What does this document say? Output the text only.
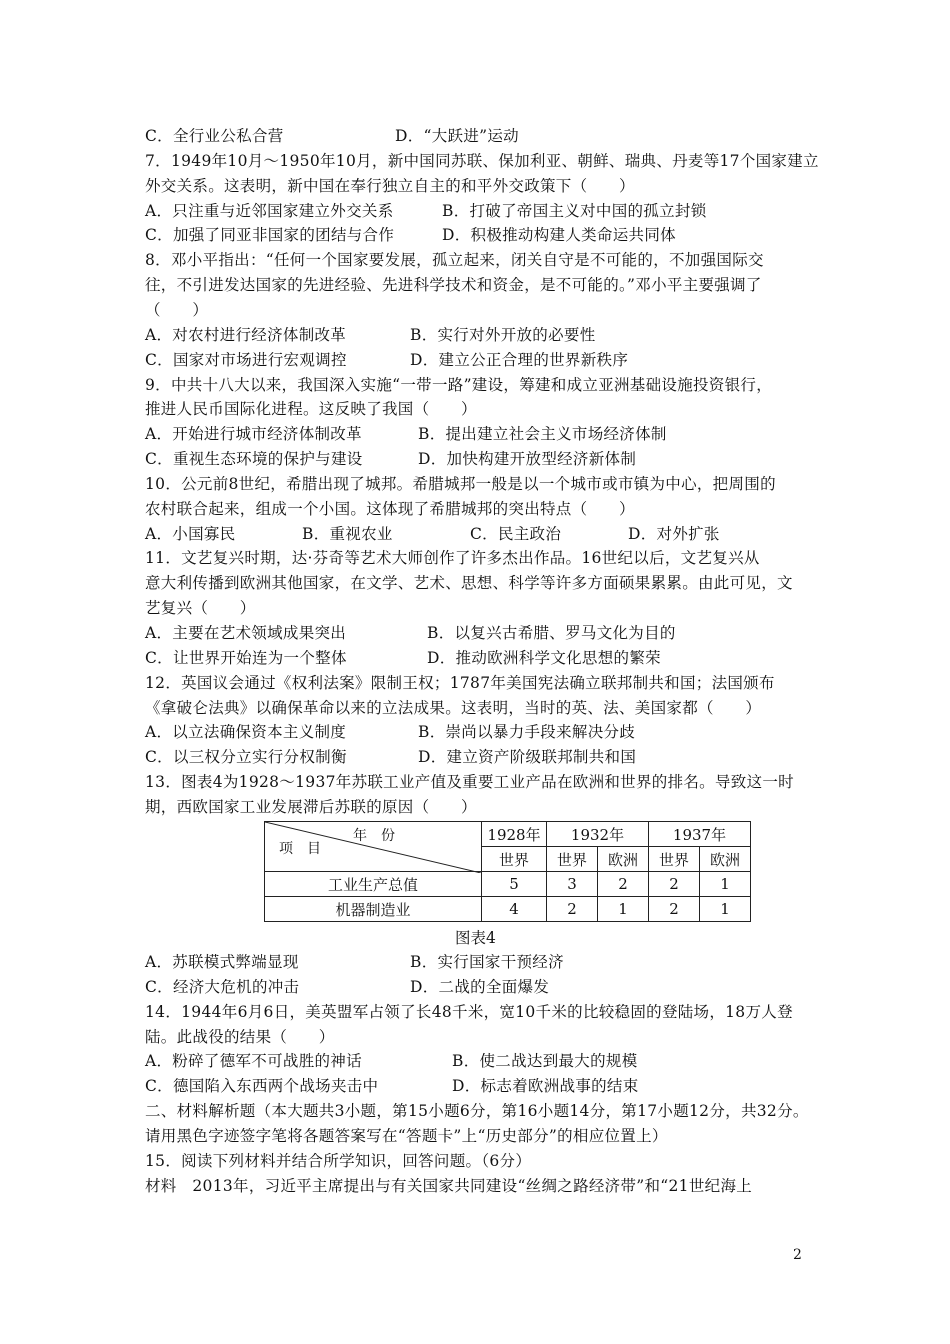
C．全行业公私合营	D．“大跃进”运动
7．1949年10月～1950年10月，新中国同苏联、保加利亚、朝鲜、瑞典、丹麦等17个国家建立
外交关系。这表明，新中国在奉行独立自主的和平外交政策下（　　）
A．只注重与近邻国家建立外交关系	B．打破了帝国主义对中国的孤立封锁
C．加强了同亚非国家的团结与合作	D．积极推动构建人类命运共同体
8．邓小平指出：“任何一个国家要发展，孤立起来，闭关自守是不可能的，不加强国际交
往，不引进发达国家的先进经验、先进科学技术和资金，是不可能的。”邓小平主要强调了
（　　）
A．对农村进行经济体制改革	B．实行对外开放的必要性
C．国家对市场进行宏观调控	D．建立公正合理的世界新秩序
9．中共十八大以来，我国深入实施“一带一路”建设，筹建和成立亚洲基础设施投资银行，
推进人民币国际化进程。这反映了我国（　　）
A．开始进行城市经济体制改革	B．提出建立社会主义市场经济体制
C．重视生态环境的保护与建设	D．加快构建开放型经济新体制
10．公元前8世纪，希腊出现了城邦。希腊城邦一般是以一个城市或市镇为中心，把周围的
农村联合起来，组成一个小国。这体现了希腊城邦的突出特点（　　）
A．小国寡民	B．重视农业	C．民主政治	D．对外扩张
11．文艺复兴时期，达·芬奇等艺术大师创作了许多杰出作品。16世纪以后，文艺复兴从
意大利传播到欧洲其他国家，在文学、艺术、思想、科学等许多方面硕果累累。由此可见，文
艺复兴（　　）
A．主要在艺术领域成果突出	B．以复兴古希腊、罗马文化为目的
C．让世界开始连为一个整体	D．推动欧洲科学文化思想的繁荣
12．英国议会通过《权利法案》限制王权；1787年美国宪法确立联邦制共和国；法国颁布
《拿破仑法典》以确保革命以来的立法成果。这表明，当时的英、法、美国家都（　　）
A．以立法确保资本主义制度	B．崇尚以暴力手段来解决分歧
C．以三权分立实行分权制衡	D．建立资产阶级联邦制共和国
13．图表4为1928～1937年苏联工业产值及重要工业产品在欧洲和世界的排名。导致这一时
期，西欧国家工业发展滞后苏联的原因（　　）
年　份
项　目	1928年	1932年		1937年	
	世界	世界	欧洲	世界	欧洲
工业生产总值	5	3	2	2	1
机器制造业	4	2	1	2	1
图表4
A．苏联模式弊端显现	B．实行国家干预经济
C．经济大危机的冲击	D．二战的全面爆发
14．1944年6月6日，美英盟军占领了长48千米，宽10千米的比较稳固的登陆场，18万人登
陆。此战役的结果（　　）
A．粉碎了德军不可战胜的神话	B．使二战达到最大的规模
C．德国陷入东西两个战场夹击中	D．标志着欧洲战事的结束
二、材料解析题（本大题共3小题，第15小题6分，第16小题14分，第17小题12分，共32分。
请用黑色字迹签字笔将各题答案写在“答题卡”上“历史部分”的相应位置上）
15．阅读下列材料并结合所学知识，回答问题。（6分）
材料　2013年，习近平主席提出与有关国家共同建设“丝绸之路经济带”和“21世纪海上
2
